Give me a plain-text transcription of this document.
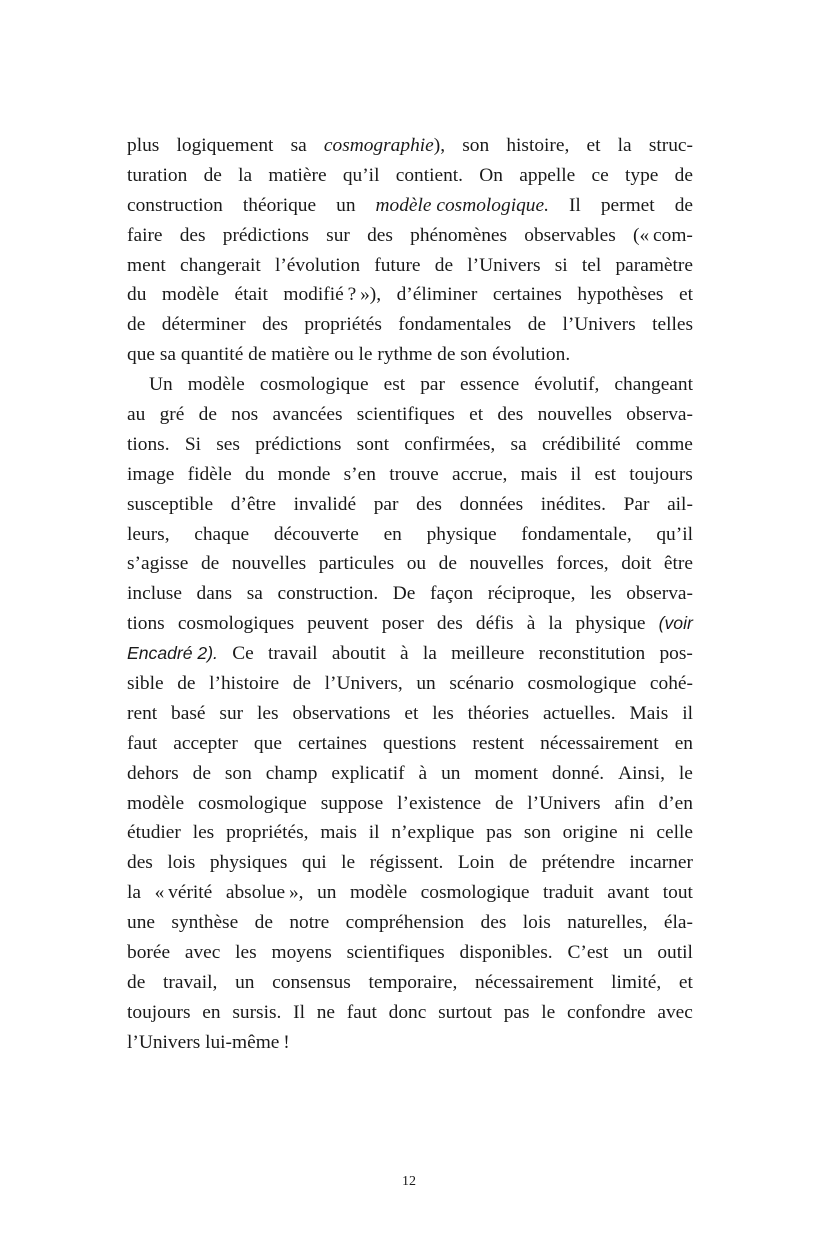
plus logiquement sa cosmographie), son histoire, et la struc-
turation de la matière qu’il contient. On appelle ce type de
construction théorique un modèle cosmologique. Il permet de
faire des prédictions sur des phénomènes observables (« com-
ment changerait l’évolution future de l’Univers si tel paramètre
du modèle était modifié ? »), d’éliminer certaines hypothèses et
de déterminer des propriétés fondamentales de l’Univers telles
que sa quantité de matière ou le rythme de son évolution.
Un modèle cosmologique est par essence évolutif, changeant
au gré de nos avancées scientifiques et des nouvelles observa-
tions. Si ses prédictions sont confirmées, sa crédibilité comme
image fidèle du monde s’en trouve accrue, mais il est toujours
susceptible d’être invalidé par des données inédites. Par ail-
leurs, chaque découverte en physique fondamentale, qu’il
s’agisse de nouvelles particules ou de nouvelles forces, doit être
incluse dans sa construction. De façon réciproque, les observa-
tions cosmologiques peuvent poser des défis à la physique (voir
Encadré 2). Ce travail aboutit à la meilleure reconstitution pos-
sible de l’histoire de l’Univers, un scénario cosmologique cohé-
rent basé sur les observations et les théories actuelles. Mais il
faut accepter que certaines questions restent nécessairement en
dehors de son champ explicatif à un moment donné. Ainsi, le
modèle cosmologique suppose l’existence de l’Univers afin d’en
étudier les propriétés, mais il n’explique pas son origine ni celle
des lois physiques qui le régissent. Loin de prétendre incarner
la « vérité absolue », un modèle cosmologique traduit avant tout
une synthèse de notre compréhension des lois naturelles, éla-
borée avec les moyens scientifiques disponibles. C’est un outil
de travail, un consensus temporaire, nécessairement limité, et
toujours en sursis. Il ne faut donc surtout pas le confondre avec
l’Univers lui-même !
12
